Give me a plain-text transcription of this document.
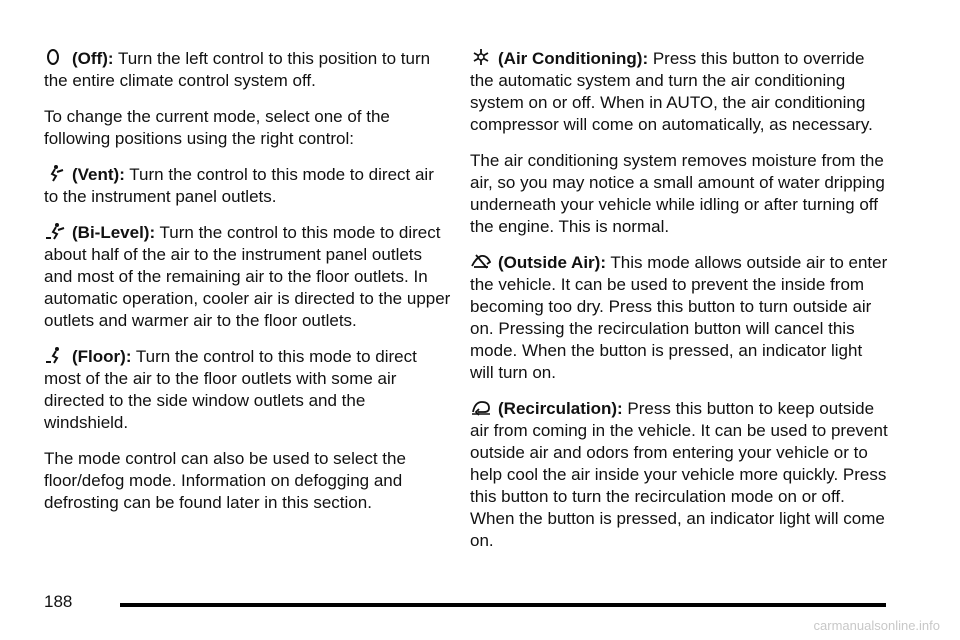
(Off): Turn the left control to this position to turn the entire climate control system off.

To change the current mode, select one of the following positions using the right control:

(Vent): Turn the control to this mode to direct air to the instrument panel outlets.

(Bi-Level): Turn the control to this mode to direct about half of the air to the instrument panel outlets and most of the remaining air to the floor outlets. In automatic operation, cooler air is directed to the upper outlets and warmer air to the floor outlets.

(Floor): Turn the control to this mode to direct most of the air to the floor outlets with some air directed to the side window outlets and the windshield.

The mode control can also be used to select the floor/defog mode. Information on defogging and defrosting can be found later in this section.

(Air Conditioning): Press this button to override the automatic system and turn the air conditioning system on or off. When in AUTO, the air conditioning compressor will come on automatically, as necessary.

The air conditioning system removes moisture from the air, so you may notice a small amount of water dripping underneath your vehicle while idling or after turning off the engine. This is normal.

(Outside Air): This mode allows outside air to enter the vehicle. It can be used to prevent the inside from becoming too dry. Press this button to turn outside air on. Pressing the recirculation button will cancel this mode. When the button is pressed, an indicator light will turn on.

(Recirculation): Press this button to keep outside air from coming in the vehicle. It can be used to prevent outside air and odors from entering your vehicle or to help cool the air inside your vehicle more quickly. Press this button to turn the recirculation mode on or off. When the button is pressed, an indicator light will come on.

188
carmanualsonline.info
